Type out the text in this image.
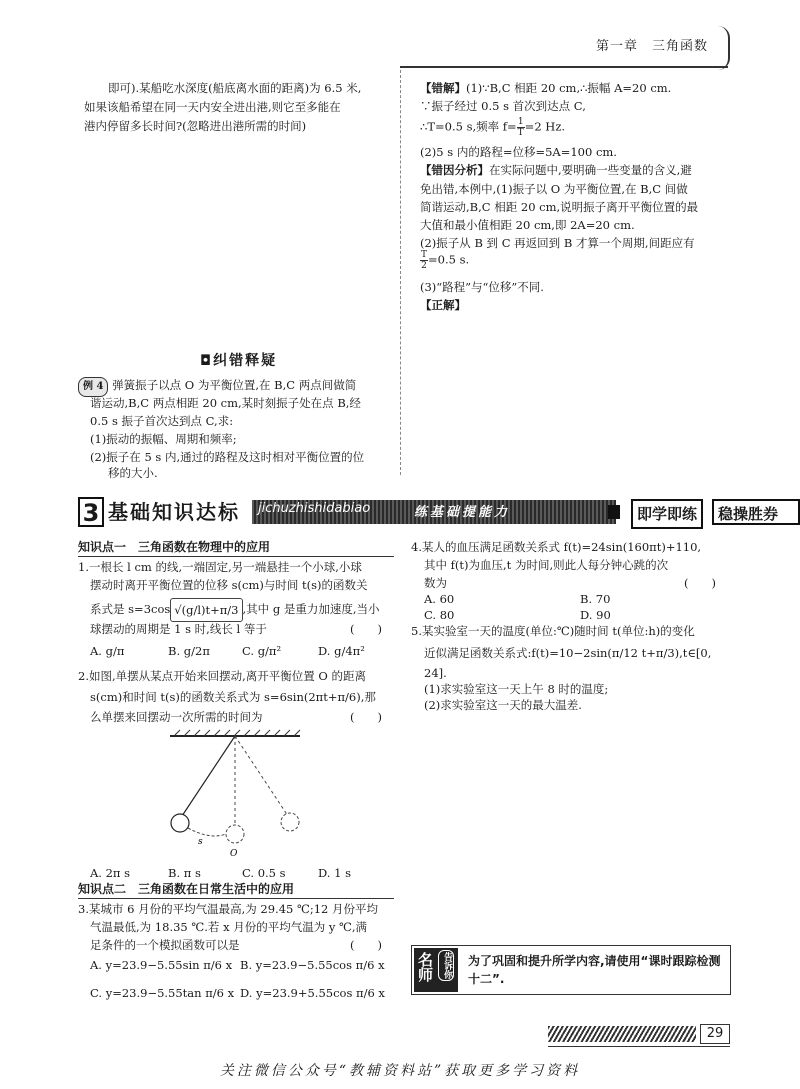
第一章　三角函数
即可).某船吃水深度(船底离水面的距离)为 6.5 米,
如果该船希望在同一天内安全进出港,则它至多能在
港内停留多长时间?(忽略进出港所需的时间)
【错解】(1)∵B,C 相距 20 cm,∴振幅 A=20 cm.
∵振子经过 0.5 s 首次到达点 C,
∴T=0.5 s,频率 $f= \frac{1}{T} =2$ Hz.
(2)5 s 内的路程=位移=5A=100 cm.
【错因分析】在实际问题中,要明确一些变量的含义,避
免出错,本例中,(1)振子以 O 为平衡位置,在 B,C 间做
简谐运动,B,C 相距 20 cm,说明振子离开平衡位置的最
大值和最小值相距 20 cm,即 2A=20 cm.
(2)振子从 B 到 C 再返回到 B 才算一个周期,间距应有
$\frac{T}{2} =0.5$ s.
(3)“路程”与“位移”不同.
【正解】
◘纠错释疑
例 4 弹簧振子以点 O 为平衡位置,在 B,C 两点间做简
谐运动,B,C 两点相距 20 cm,某时刻振子处在点 B,经
0.5 s 振子首次达到点 C,求:
(1)振动的振幅、周期和频率;
(2)振子在 5 s 内,通过的路程及这时相对平衡位置的位
移的大小.
3 基础知识达标 jichuzhishidabiao	练基础提能力	即学即练	稳操胜券
知识点一　三角函数在物理中的应用
1.一根长 l cm 的线,一端固定,另一端悬挂一个小球,小球
摆动时离开平衡位置的位移 s(cm)与时间 t(s)的函数关
系式是 s=3cos √(g/l)t+π/3 ,其中 g 是重力加速度,当小
球摆动的周期是 1 s 时,线长 l 等于	(　　)
A. g/π	B. g/2π	C. g/π²	D. g/4π²
2.如图,单摆从某点开始来回摆动,离开平衡位置 O 的距离
s(cm)和时间 t(s)的函数关系式为 s=6sin(2πt+π/6),那
么单摆来回摆动一次所需的时间为	(　　)
s
O
A. 2π s	B. π s	C. 0.5 s	D. 1 s
知识点二　三角函数在日常生活中的应用
3.某城市 6 月份的平均气温最高,为 29.45 ℃;12 月份平均
气温最低,为 18.35 ℃.若 x 月份的平均气温为 y ℃,满
足条件的一个模拟函数可以是	(　　)
A. y=23.9−5.55sin π/6 x B. y=23.9−5.55cos π/6 x
C. y=23.9−5.55tan π/6 x D. y=23.9+5.55cos π/6 x
4.某人的血压满足函数关系式 f(t)=24sin(160πt)+110,
其中 f(t)为血压,t 为时间,则此人每分钟心跳的次
数为	(　　)
A. 60	B. 70
C. 80	D. 90
5.某实验室一天的温度(单位:℃)随时间 t(单位:h)的变化
近似满足函数关系式:f(t)=10−2sin(π/12 t+π/3),t∈[0,
24].
(1)求实验室这一天上午 8 时的温度;
(2)求实验室这一天的最大温差.
名师 告诉你 为了巩固和提升所学内容,请使用“课时跟踪检测十二”.
29
关注微信公众号“教辅资料站”获取更多学习资料
